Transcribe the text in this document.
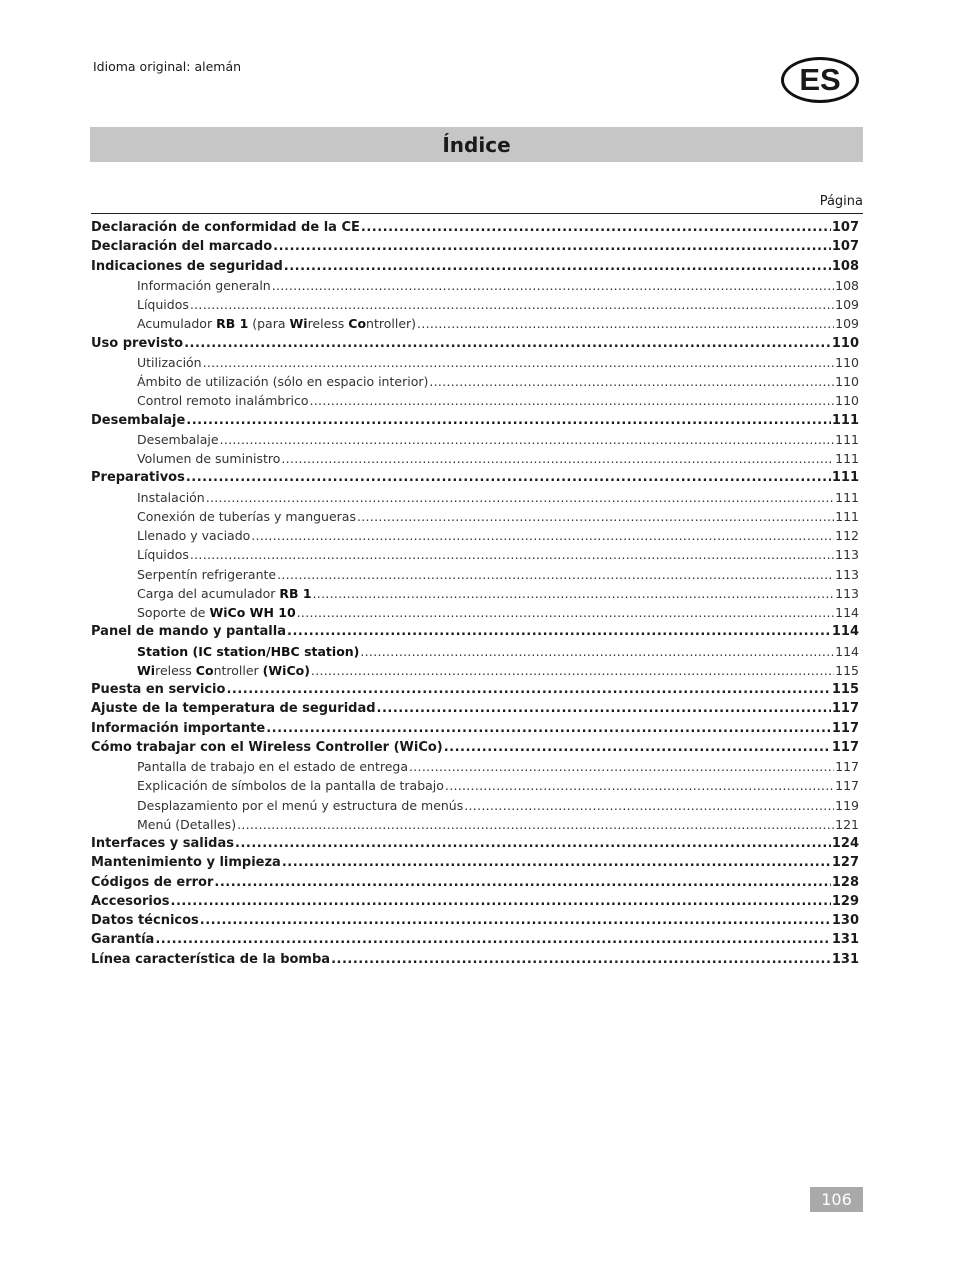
Idioma original: alemán	ES
Índice
Página
Declaración de conformidad de la CE .....	107
Declaración del marcado .....	107
Indicaciones de seguridad .....	108
Información generaln .....	108
Líquidos .....	109
Acumulador RB 1 (para Wireless Controller) .....	109
Uso previsto .....	110
Utilización .....	110
Ámbito de utilización (sólo en espacio interior) .....	110
Control remoto inalámbrico .....	110
Desembalaje .....	111
Desembalaje .....	111
Volumen de suministro .....	111
Preparativos .....	111
Instalación .....	111
Conexión de tuberías y mangueras .....	111
Llenado y vaciado .....	112
Líquidos .....	113
Serpentín refrigerante .....	113
Carga del acumulador RB 1 .....	113
Soporte de WiCo WH 10 .....	114
Panel de mando y pantalla .....	114
Station (IC station/HBC station) .....	114
Wireless Controller (WiCo) .....	115
Puesta en servicio .....	115
Ajuste de la temperatura de seguridad .....	117
Información importante .....	117
Cómo trabajar con el Wireless Controller (WiCo) .....	117
Pantalla de trabajo en el estado de entrega .....	117
Explicación de símbolos de la pantalla de trabajo .....	117
Desplazamiento por el menú y estructura de menús .....	119
Menú (Detalles) .....	121
Interfaces y salidas .....	124
Mantenimiento y limpieza .....	127
Códigos de error .....	128
Accesorios .....	129
Datos técnicos .....	130
Garantía .....	131
Línea característica de la bomba .....	131
106
